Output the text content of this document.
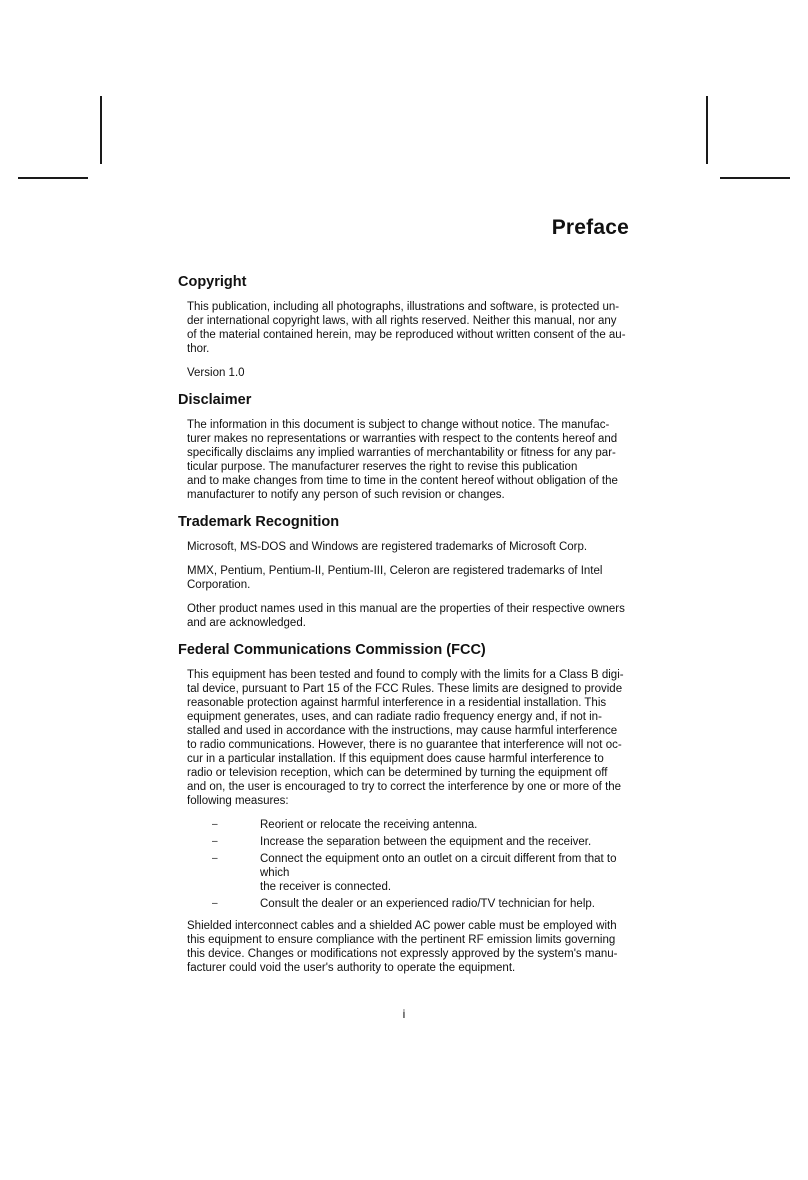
Preface
Copyright

This publication, including all photographs, illustrations and software, is protected un-
der international copyright laws, with all rights reserved. Neither this manual, nor any
of the material contained herein, may be reproduced without written consent of the au-
thor.

Version 1.0

Disclaimer

The information in this document is subject to change without notice. The manufac-
turer makes no representations or warranties with respect to the contents hereof and
specifically disclaims any implied warranties of merchantability or fitness for any par-
ticular purpose. The manufacturer reserves the right to revise this publication
and to make changes from time to time in the content hereof without obligation of the
manufacturer to notify any person of such revision or changes.

Trademark Recognition

Microsoft, MS-DOS and Windows are registered trademarks of Microsoft Corp.

MMX, Pentium, Pentium-II, Pentium-III, Celeron are registered trademarks of Intel
Corporation.

Other product names used in this manual are the properties of their respective owners
and are acknowledged.

Federal Communications Commission (FCC)

This equipment has been tested and found to comply with the limits for a Class B digi-
tal device, pursuant to Part 15 of the FCC Rules. These limits are designed to provide
reasonable protection against harmful interference in a residential installation. This
equipment generates, uses, and can radiate radio frequency energy and, if not in-
stalled and used in accordance with the instructions, may cause harmful interference
to radio communications. However, there is no guarantee that interference will not oc-
cur in a particular installation. If this equipment does cause harmful interference to
radio or television reception, which can be determined by turning the equipment off
and on, the user is encouraged to try to correct the interference by one or more of the
following measures:

–	Reorient or relocate the receiving antenna.
–	Increase the separation between the equipment and the receiver.
–	Connect the equipment onto an outlet on a circuit different from that to which
the receiver is connected.
–	Consult the dealer or an experienced radio/TV technician for help.

Shielded interconnect cables and a shielded AC power cable must be employed with
this equipment to ensure compliance with the pertinent RF emission limits governing
this device. Changes or modifications not expressly approved by the system's manu-
facturer could void the user's authority to operate the equipment.

i
